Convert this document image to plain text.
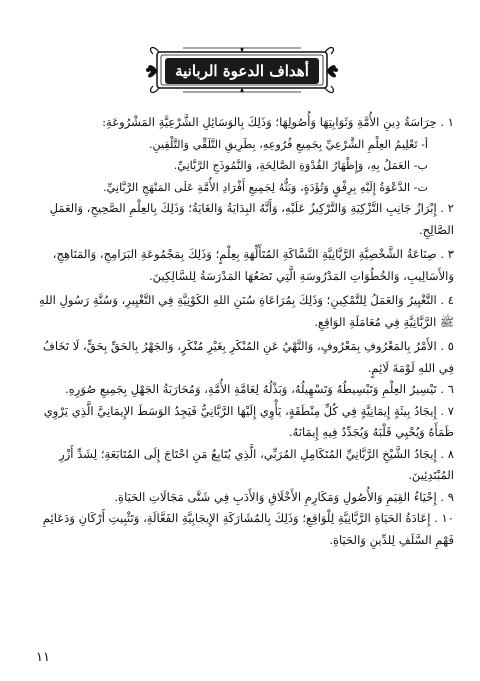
أهداف الدعوة الربانية

١ . حِرَاسَةُ دِينِ الأُمَّةِ وَثَوَابِتِهَا وَأُصُولِهَا؛ وَذَلِكَ بِالوَسَائِلِ الشَّرْعِيَّةِ المَشْرُوعَةِ:

أ- تَعْلِيمُ العِلْمِ الشَّرْعِيِّ بِجَمِيعِ فُرُوعِهِ، بِطَرِيقِ التَّلَقِّي وَالتَّلْقِينِ.

ب- العَمَلُ بِهِ، وَإِظْهَارُ القُدْوَةِ الصَّالِحَةِ، وَالنَّمُوذَجِ الرَّبَّانِيِّ.

ت- الدَّعْوَةُ إِلَيْهِ بِرِفْقٍ وَتُؤَدَةٍ، وَبَثُّهُ لِجَمِيعِ أَفْرَادِ الأُمَّةِ عَلَى المَنْهَجِ الرَّبَّانِيِّ.

٢ . إِبْرَازُ جَانِبِ التَّزْكِيَةِ وَالتَّرْكِيزُ عَلَيْهِ، وَأَنَّهُ البِدَايَةُ وَالغَايَةُ؛ وَذَلِكَ بِالعِلْمِ الصَّحِيحِ، وَالعَمَلِ الصَّالِحِ.

٣ . صِنَاعَةُ الشَّخْصِيَّةِ الرَّبَّانِيَّةِ النَّسَّاكَةِ المُتَأَلِّهَةِ بِعِلْمٍ؛ وَذَلِكَ بِمَجْمُوعَةِ البَرَامِجِ، وَالمَنَاهِجِ، وَالأَسَالِيبِ، وَالخُطُوَاتِ المَدْرُوسَةِ الَّتِي تَضَعُهَا المَدْرَسَةُ لِلسَّالِكِينَ.

٤ . التَّغْيِيرُ وَالعَمَلُ لِلتَّمْكِينِ؛ وَذَلِكَ بِمُرَاعَاةِ سُنَنِ اللهِ الكَوْنِيَّةِ فِي التَّغْيِيرِ، وَسُنَّةِ رَسُولِ اللهِ ﷺ الرَّبَّانِيَّةِ فِي مُعَامَلَةِ الوَاقِعِ.

٥ . الأَمْرُ بِالمَعْرُوفِ بِمَعْرُوفٍ، وَالنَّهْيُ عَنِ المُنْكَرِ بِغَيْرِ مُنْكَرٍ، وَالجَهْرُ بِالحَقِّ بِحَقٍّ، لَا تَخَافُ فِي اللهِ لَوْمَةَ لَائِمٍ.

٦ . تَيْسِيرُ العِلْمِ وَتَبْسِيطُهُ وَتَسْهِيلُهُ، وَبَذْلُهُ لِعَامَّةِ الأُمَّةِ، وَمُحَارَبَةُ الجَهْلِ بِجَمِيعِ صُوَرِهِ.

٧ . إِيجَادُ بِيئَةٍ إِيمَانِيَّةٍ فِي كُلِّ مِنْطَقَةٍ، يَأْوِي إِلَيْهَا الرَّبَّانِيُّ فَيَجِدُ الوَسَطَ الإِيمَانِيَّ الَّذِي يَرْوِي ظَمَأَهُ وَيُحْيِي قَلْبَهُ وَيُجَدِّدُ فِيهِ إِيمَانَهُ.

٨ . إِيجَادُ الشَّيْخِ الرَّبَّانِيِّ المُتَكَامِلِ المُرَبِّي، الَّذِي يُتَابِعُ مَنِ احْتَاجَ إِلَى المُتَابَعَةِ؛ لِشَدِّ أَزْرِ المُبْتَدِئِينَ.

٩ . إِحْيَاءُ القِيَمِ وَالأُصُولِ وَمَكَارِمِ الأَخْلَاقِ وَالأَدَبِ فِي شَتَّى مَجَالَاتِ الحَيَاةِ.

١٠ . إِعَادَةُ الحَيَاةِ الرَّبَّانِيَّةِ لِلْوَاقِعِ؛ وَذَلِكَ بِالمُشَارَكَةِ الإِيجَابِيَّةِ الفَعَّالَةِ، وَتَثْبِيتِ أَرْكَانِ وَدَعَائِمِ فَهْمِ السَّلَفِ لِلدِّينِ وَالحَيَاةِ.

١١
